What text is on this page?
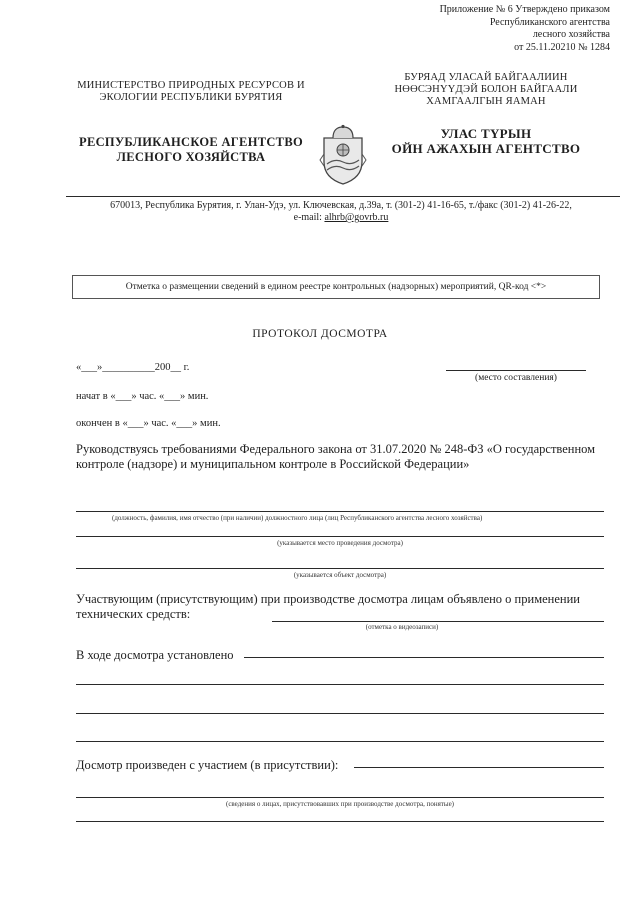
Приложение № 6 Утверждено приказом
Республиканского агентства
лесного хозяйства
от 25.11.20210 № 1284
МИНИСТЕРСТВО ПРИРОДНЫХ РЕСУРСОВ И
ЭКОЛОГИИ РЕСПУБЛИКИ БУРЯТИЯ
РЕСПУБЛИКАНСКОЕ АГЕНТСТВО
ЛЕСНОГО ХОЗЯЙСТВА
БУРЯАД УЛАСАЙ БАЙГААЛИИН
НӨӨСЭНҮҮДЭЙ БОЛОН БАЙГААЛИ
ХАМГААЛГЫН ЯАМАН
УЛАС ТҮРЫН
ОЙН АЖАХЫН АГЕНТСТВО
670013, Республика Бурятия, г. Улан-Удэ, ул. Ключевская, д.39а, т. (301-2) 41-16-65, т./факс (301-2) 41-26-22,
e-mail: alhrb@govrb.ru
Отметка о размещении сведений в едином реестре контрольных (надзорных) мероприятий, QR-код <*>
ПРОТОКОЛ ДОСМОТРА
«___»__________200__ г.
(место составления)
начат в «___» час. «___» мин.
окончен в «___» час. «___» мин.
Руководствуясь требованиями Федерального закона от 31.07.2020 № 248-ФЗ «О государственном контроле (надзоре) и муниципальном контроле в Российской Федерации»
(должность, фамилия, имя отчество (при наличии) должностного лица (лиц Республиканского агентства лесного хозяйства)
(указывается место проведения досмотра)
(указывается объект досмотра)
Участвующим (присутствующим) при производстве досмотра лицам объявлено о применении технических средств:
(отметка о видеозаписи)
В ходе досмотра установлено
Досмотр произведен с участием (в присутствии):
(сведения о лицах, присутствовавших при производстве досмотра, понятые)
